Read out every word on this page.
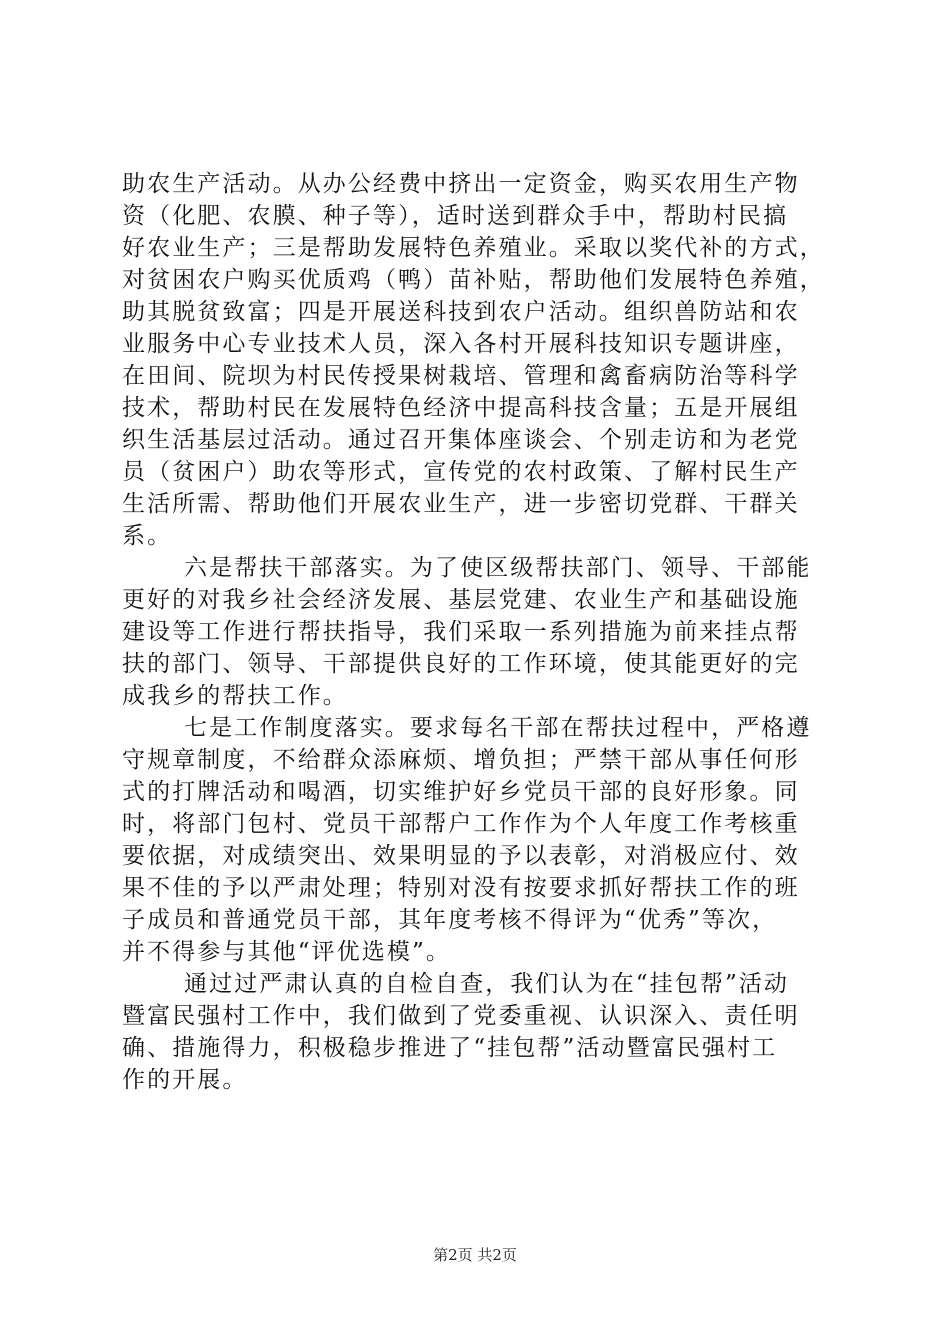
助农生产活动。从办公经费中挤出一定资金，购买农用生产物
资（化肥、农膜、种子等），适时送到群众手中，帮助村民搞
好农业生产；三是帮助发展特色养殖业。采取以奖代补的方式，
对贫困农户购买优质鸡（鸭）苗补贴，帮助他们发展特色养殖，
助其脱贫致富；四是开展送科技到农户活动。组织兽防站和农
业服务中心专业技术人员，深入各村开展科技知识专题讲座，
在田间、院坝为村民传授果树栽培、管理和禽畜病防治等科学
技术，帮助村民在发展特色经济中提高科技含量；五是开展组
织生活基层过活动。通过召开集体座谈会、个别走访和为老党
员（贫困户）助农等形式，宣传党的农村政策、了解村民生产
生活所需、帮助他们开展农业生产，进一步密切党群、干群关
系。
六是帮扶干部落实。为了使区级帮扶部门、领导、干部能
更好的对我乡社会经济发展、基层党建、农业生产和基础设施
建设等工作进行帮扶指导，我们采取一系列措施为前来挂点帮
扶的部门、领导、干部提供良好的工作环境，使其能更好的完
成我乡的帮扶工作。
七是工作制度落实。要求每名干部在帮扶过程中，严格遵
守规章制度，不给群众添麻烦、增负担；严禁干部从事任何形
式的打牌活动和喝酒，切实维护好乡党员干部的良好形象。同
时，将部门包村、党员干部帮户工作作为个人年度工作考核重
要依据，对成绩突出、效果明显的予以表彰，对消极应付、效
果不佳的予以严肃处理；特别对没有按要求抓好帮扶工作的班
子成员和普通党员干部，其年度考核不得评为“优秀”等次，
并不得参与其他“评优选模”。
通过过严肃认真的自检自查，我们认为在“挂包帮”活动
暨富民强村工作中，我们做到了党委重视、认识深入、责任明
确、措施得力，积极稳步推进了“挂包帮”活动暨富民强村工
作的开展。
第2页 共2页
